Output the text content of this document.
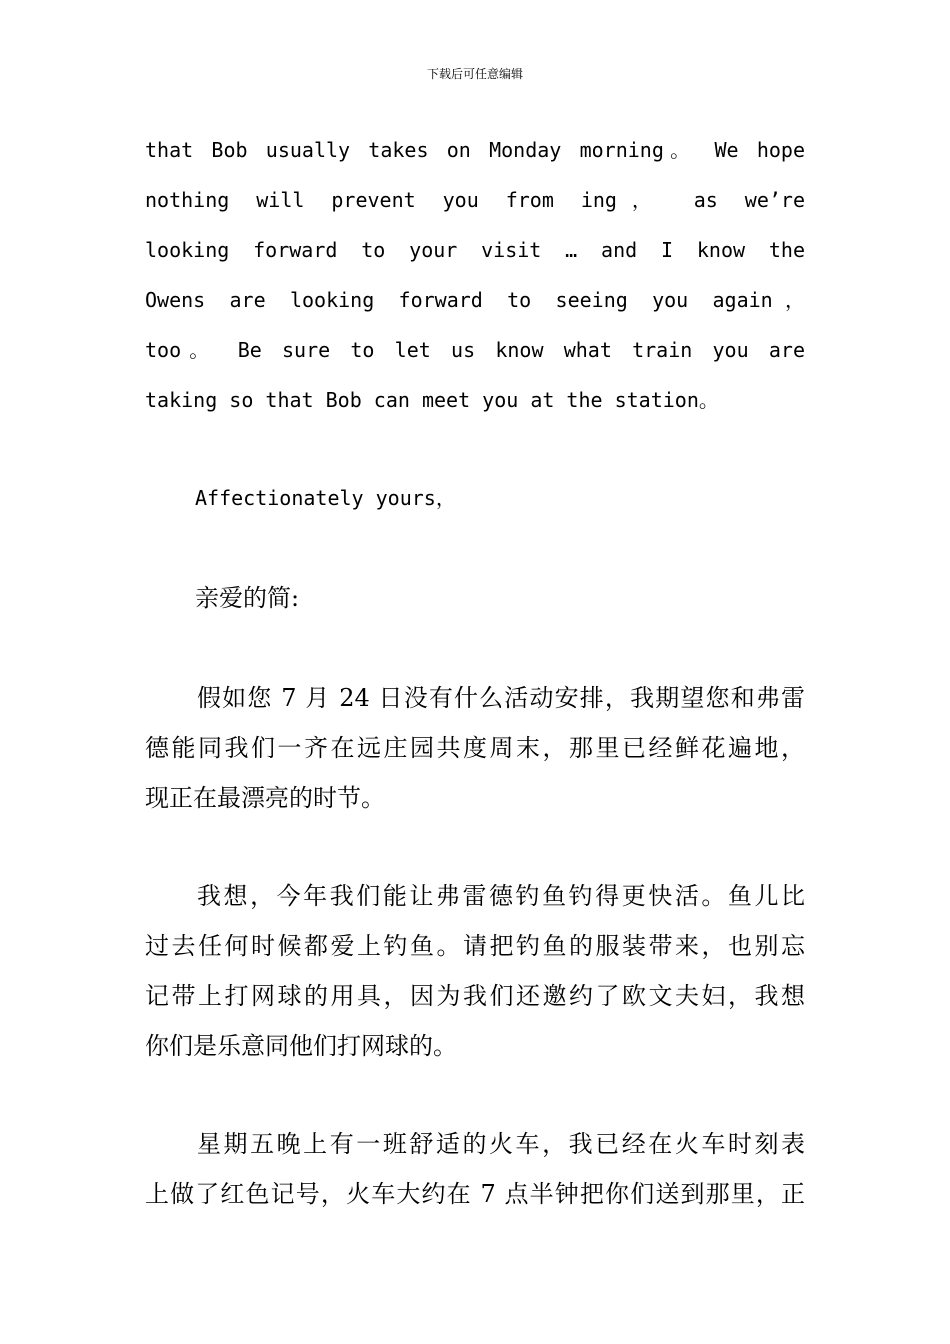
下载后可任意编辑
that Bob usually takes on Monday morning。 We hope
nothing will prevent you from ing， as we’re
looking forward to your visit … and I know the
Owens are looking forward to seeing you again，
too。 Be sure to let us know what train you are
taking so that Bob can meet you at the station。
Affectionately yours，
亲爱的简:
假如您 7 月 24 日没有什么活动安排，我期望您和弗雷
德能同我们一齐在远庄园共度周末，那里已经鲜花遍地，
现正在最漂亮的时节。
我想，今年我们能让弗雷德钓鱼钓得更快活。鱼儿比
过去任何时候都爱上钓鱼。请把钓鱼的服装带来，也别忘
记带上打网球的用具，因为我们还邀约了欧文夫妇，我想
你们是乐意同他们打网球的。
星期五晚上有一班舒适的火车，我已经在火车时刻表
上做了红色记号，火车大约在 7 点半钟把你们送到那里，正
